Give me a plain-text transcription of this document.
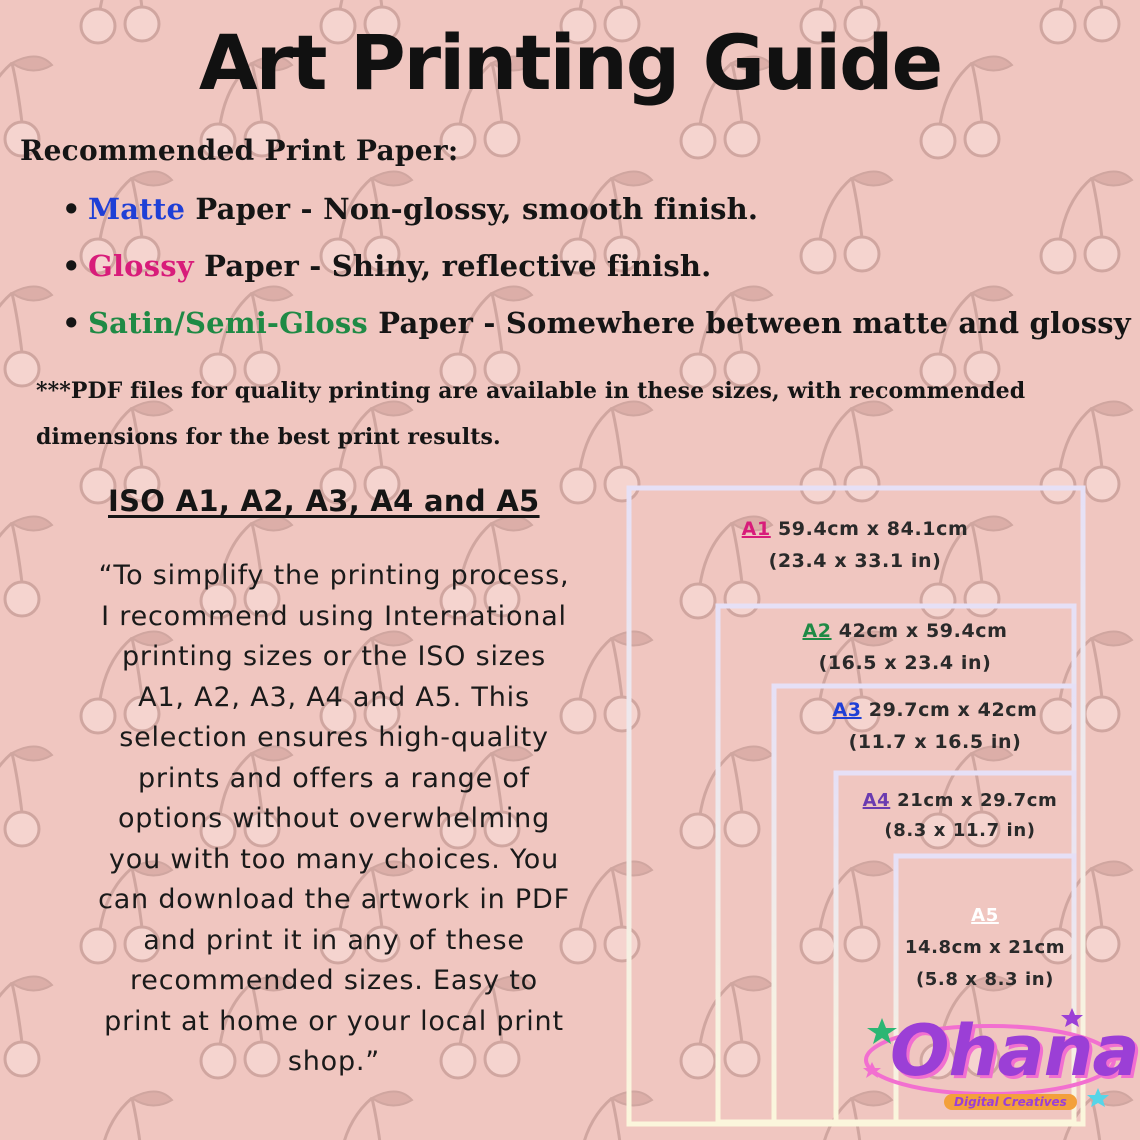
Art Printing Guide
Recommended Print Paper:
• Matte Paper - Non-glossy, smooth finish.
• Glossy Paper - Shiny, reflective finish.
• Satin/Semi-Gloss Paper - Somewhere between matte and glossy
***PDF files for quality printing are available in these sizes, with recommended dimensions for the best print results.
ISO A1, A2, A3, A4 and A5
“To simplify the printing process, I recommend using International printing sizes or the ISO sizes A1, A2, A3, A4 and A5. This selection ensures high-quality prints and offers a range of options without overwhelming you with too many choices. You can download the artwork in PDF and print it in any of these recommended sizes. Easy to print at home or your local print shop.”
A1 59.4cm x 84.1cm
(23.4 x 33.1 in)
A2 42cm x 59.4cm
(16.5 x 23.4 in)
A3 29.7cm x 42cm
(11.7 x 16.5 in)
A4 21cm x 29.7cm
(8.3 x 11.7 in)
A5
14.8cm x 21cm
(5.8 x 8.3 in)
Ohana
Digital Creatives
